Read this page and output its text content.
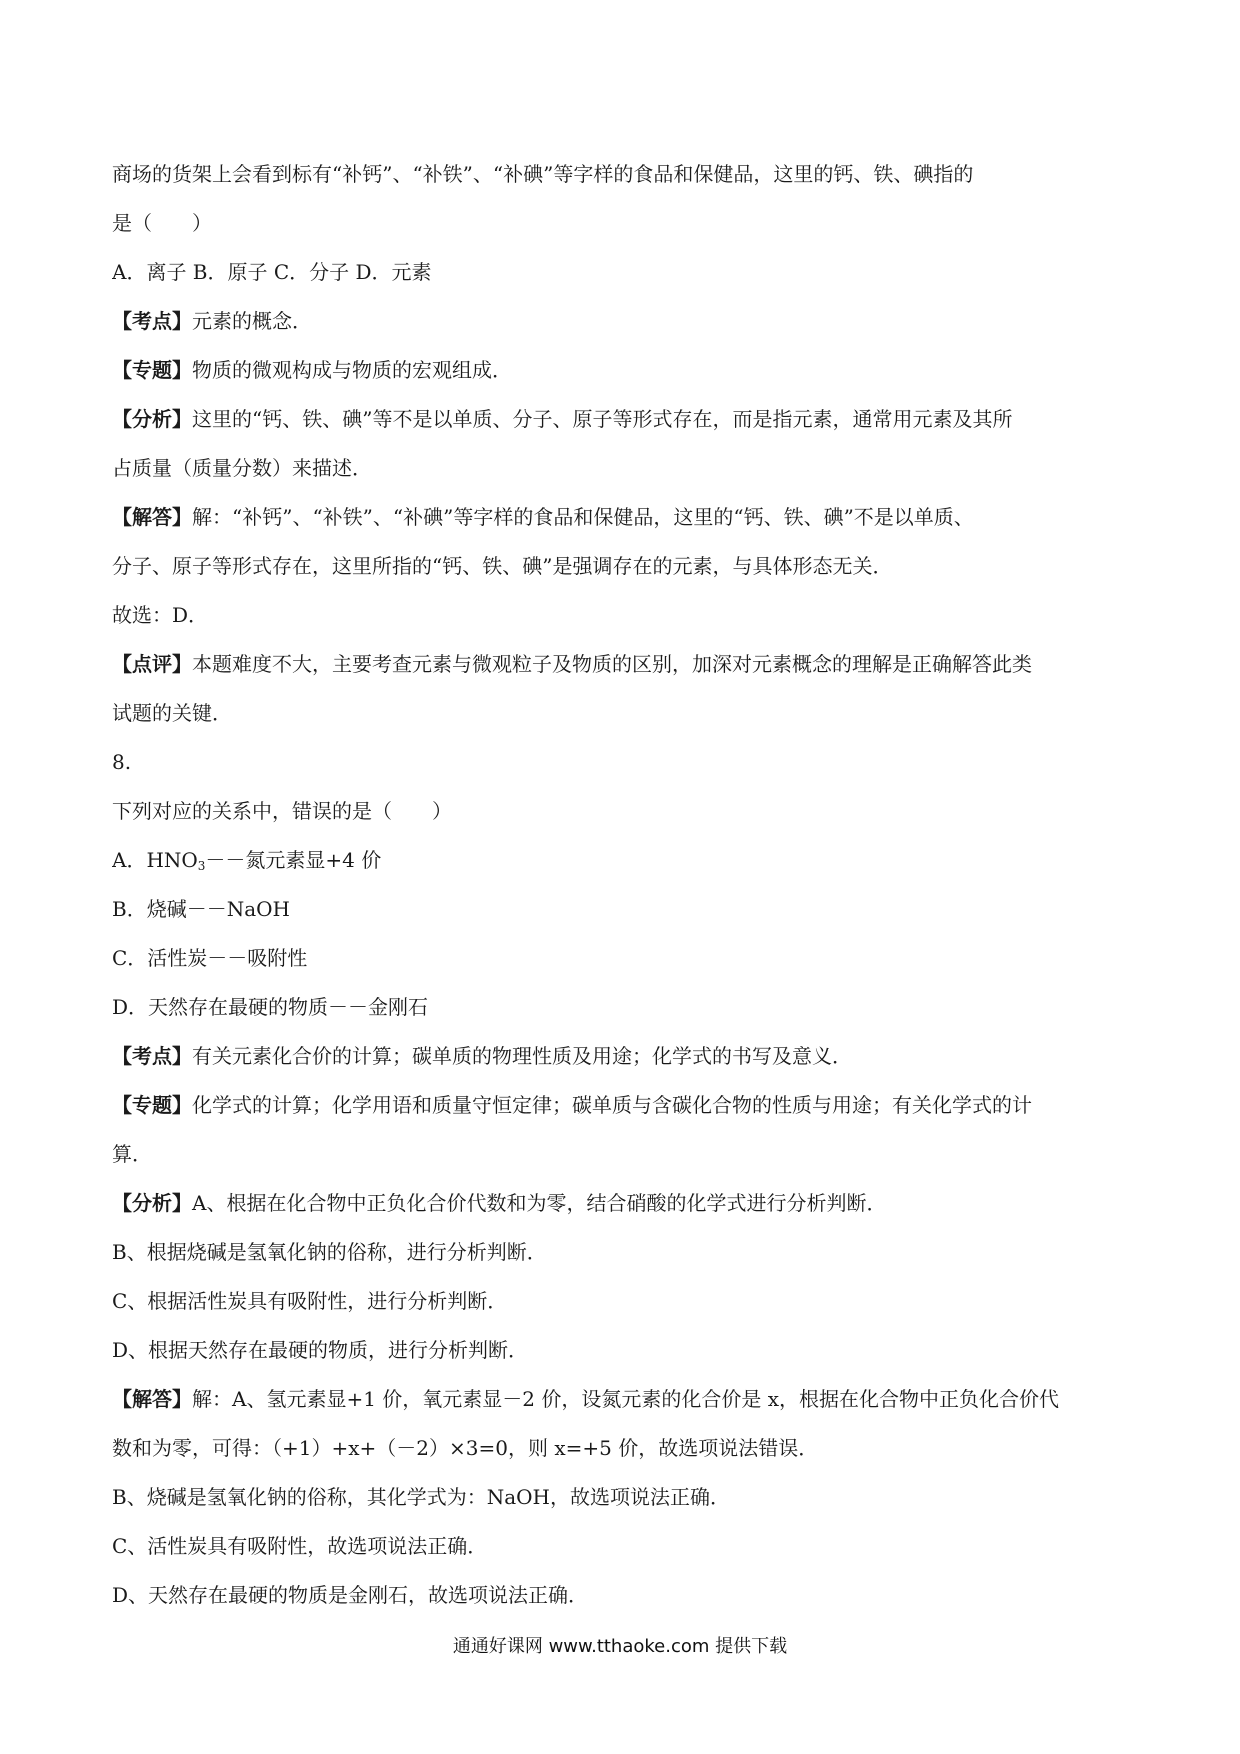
商场的货架上会看到标有“补钙”、“补铁”、“补碘”等字样的食品和保健品，这里的钙、铁、碘指的
是（　　）
A．离子 B．原子 C．分子 D．元素
【考点】元素的概念．
【专题】物质的微观构成与物质的宏观组成．
【分析】这里的“钙、铁、碘”等不是以单质、分子、原子等形式存在，而是指元素，通常用元素及其所
占质量（质量分数）来描述．
【解答】解：“补钙”、“补铁”、“补碘”等字样的食品和保健品，这里的“钙、铁、碘”不是以单质、
分子、原子等形式存在，这里所指的“钙、铁、碘”是强调存在的元素，与具体形态无关．
故选：D．
【点评】本题难度不大，主要考查元素与微观粒子及物质的区别，加深对元素概念的理解是正确解答此类
试题的关键．
8.
下列对应的关系中，错误的是（　　）
A．$HNO_3--$氮元素显+4 价
B．烧碱－－NaOH
C．活性炭－－吸附性
D．天然存在最硬的物质－－金刚石
【考点】有关元素化合价的计算；碳单质的物理性质及用途；化学式的书写及意义．
【专题】化学式的计算；化学用语和质量守恒定律；碳单质与含碳化合物的性质与用途；有关化学式的计
算．
【分析】A、根据在化合物中正负化合价代数和为零，结合硝酸的化学式进行分析判断．
B、根据烧碱是氢氧化钠的俗称，进行分析判断．
C、根据活性炭具有吸附性，进行分析判断．
D、根据天然存在最硬的物质，进行分析判断．
【解答】解：A、氢元素显+1 价，氧元素显－2 价，设氮元素的化合价是 x，根据在化合物中正负化合价代
数和为零，可得：（+1）+x+（－2）×3=0，则 x=+5 价，故选项说法错误．
B、烧碱是氢氧化钠的俗称，其化学式为：NaOH，故选项说法正确．
C、活性炭具有吸附性，故选项说法正确．
D、天然存在最硬的物质是金刚石，故选项说法正确．
通通好课网 www.tthaoke.com 提供下载
